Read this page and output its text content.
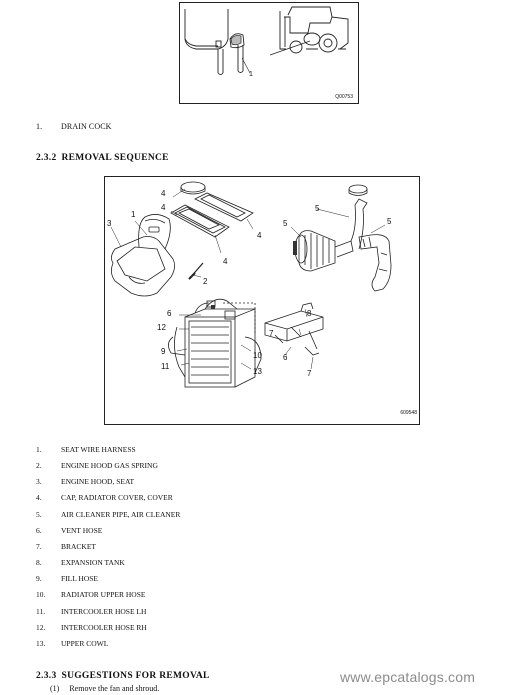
1
Q00753
1. DRAIN COCK
2.3.2 REMOVAL SEQUENCE
1
3
4
4
4
4
2
5
5
5
6
12
9
11
10
13
8
7
6
7
609548
1.	SEAT WIRE HARNESS
2.	ENGINE HOOD GAS SPRING
3.	ENGINE HOOD, SEAT
4.	CAP, RADIATOR COVER, COVER
5.	AIR CLEANER PIPE, AIR CLEANER
6.	VENT HOSE
7.	BRACKET
8.	EXPANSION TANK
9.	FILL HOSE
10. RADIATOR UPPER HOSE
11. INTERCOOLER HOSE LH
12. INTERCOOLER HOSE RH
13. UPPER COWL
2.3.3 SUGGESTIONS FOR REMOVAL	www.epcatalogs.com
(1) Remove the fan and shroud.
